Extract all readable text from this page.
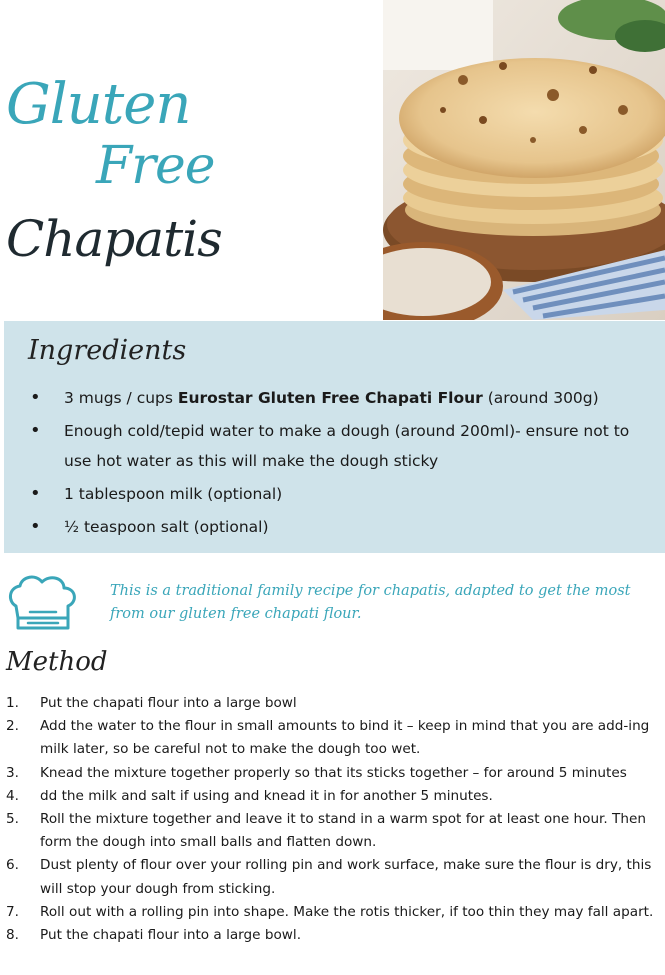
Gluten
Free
Chapatis
Ingredients
• 3 mugs / cups Eurostar Gluten Free Chapati Flour (around 300g)
• Enough cold/tepid water to make a dough (around 200ml)- ensure not to use hot water as this will make the dough sticky
• 1 tablespoon milk (optional)
• ½ teaspoon salt (optional)
This is a traditional family recipe for chapatis, adapted to get the most from our gluten free chapati flour.
Method
1. Put the chapati flour into a large bowl
2. Add the water to the flour in small amounts to bind it – keep in mind that you are add-ing milk later, so be careful not to make the dough too wet.
3. Knead the mixture together properly so that its sticks together – for around 5 minutes
4. dd the milk and salt if using and knead it in for another 5 minutes.
5. Roll the mixture together and leave it to stand in a warm spot for at least one hour. Then form the dough into small balls and flatten down.
6. Dust plenty of flour over your rolling pin and work surface, make sure the flour is dry, this will stop your dough from sticking.
7. Roll out with a rolling pin into shape. Make the rotis thicker, if too thin they may fall apart.
8. Put the chapati flour into a large bowl.
